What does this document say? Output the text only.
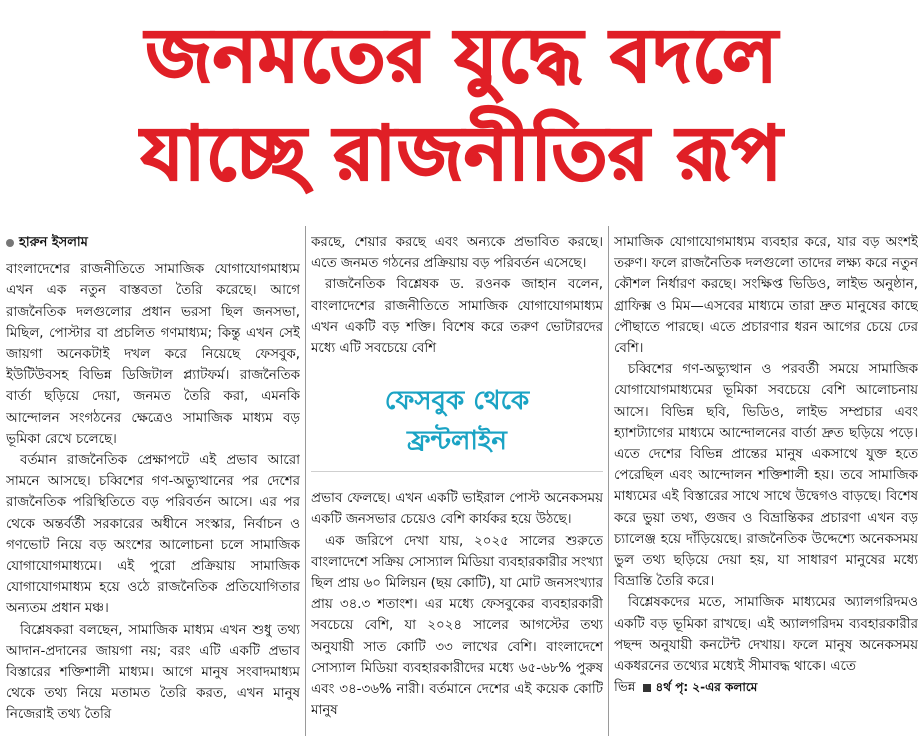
জনমতের যুদ্ধে বদলে
যাচ্ছে রাজনীতির রূপ
হারুন ইসলাম

বাংলাদেশের রাজনীতিতে সামাজিক যোগাযোগমাধ্যম এখন এক নতুন বাস্তবতা তৈরি করেছে। আগে রাজনৈতিক দলগুলোর প্রধান ভরসা ছিল জনসভা, মিছিল, পোস্টার বা প্রচলিত গণমাধ্যম; কিন্তু এখন সেই জায়গা অনেকটাই দখল করে নিয়েছে ফেসবুক, ইউটিউবসহ বিভিন্ন ডিজিটাল প্ল্যাটফর্ম। রাজনৈতিক বার্তা ছড়িয়ে দেয়া, জনমত তৈরি করা, এমনকি আন্দোলন সংগঠনের ক্ষেত্রেও সামাজিক মাধ্যম বড় ভূমিকা রেখে চলেছে।

বর্তমান রাজনৈতিক প্রেক্ষাপটে এই প্রভাব আরো সামনে আসছে। চব্বিশের গণ-অভ্যুত্থানের পর দেশের রাজনৈতিক পরিস্থিতিতে বড় পরিবর্তন আসে। এর পর থেকে অন্তর্বর্তী সরকারের অধীনে সংস্কার, নির্বাচন ও গণভোট নিয়ে বড় অংশের আলোচনা চলে সামাজিক যোগাযোগমাধ্যমে। এই পুরো প্রক্রিয়ায় সামাজিক যোগাযোগমাধ্যম হয়ে ওঠে রাজনৈতিক প্রতিযোগিতার অন্যতম প্রধান মঞ্চ।

বিশ্লেষকরা বলছেন, সামাজিক মাধ্যম এখন শুধু তথ্য আদান-প্রদানের জায়গা নয়; বরং এটি একটি প্রভাব বিস্তারের শক্তিশালী মাধ্যম। আগে মানুষ সংবাদমাধ্যম থেকে তথ্য নিয়ে মতামত তৈরি করত, এখন মানুষ নিজেরাই তথ্য তৈরি

করছে, শেয়ার করছে এবং অন্যকে প্রভাবিত করছে। এতে জনমত গঠনের প্রক্রিয়ায় বড় পরিবর্তন এসেছে।

রাজনৈতিক বিশ্লেষক ড. রওনক জাহান বলেন, বাংলাদেশের রাজনীতিতে সামাজিক যোগাযোগমাধ্যম এখন একটি বড় শক্তি। বিশেষ করে তরুণ ভোটারদের মধ্যে এটি সবচেয়ে বেশি

ফেসবুক থেকে
ফ্রন্টলাইন

প্রভাব ফেলছে। এখন একটি ভাইরাল পোস্ট অনেকসময় একটি জনসভার চেয়েও বেশি কার্যকর হয়ে উঠছে।

এক জরিপে দেখা যায়, ২০২৫ সালের শুরুতে বাংলাদেশে সক্রিয় সোস্যাল মিডিয়া ব্যবহারকারীর সংখ্যা ছিল প্রায় ৬০ মিলিয়ন (ছয় কোটি), যা মোট জনসংখ্যার প্রায় ৩৪.৩ শতাংশ। এর মধ্যে ফেসবুকের ব্যবহারকারী সবচেয়ে বেশি, যা ২০২৪ সালের আগস্টের তথ্য অনুযায়ী সাত কোটি ৩৩ লাখের বেশি। বাংলাদেশে সোস্যাল মিডিয়া ব্যবহারকারীদের মধ্যে ৬৫-৬৮% পুরুষ এবং ৩৪-৩৬% নারী। বর্তমানে দেশের এই কয়েক কোটি মানুষ

সামাজিক যোগাযোগমাধ্যম ব্যবহার করে, যার বড় অংশই তরুণ। ফলে রাজনৈতিক দলগুলো তাদের লক্ষ্য করে নতুন কৌশল নির্ধারণ করছে। সংক্ষিপ্ত ভিডিও, লাইভ অনুষ্ঠান, গ্রাফিক্স ও মিম—এসবের মাধ্যমে তারা দ্রুত মানুষের কাছে পৌছাতে পারছে। এতে প্রচারণার ধরন আগের চেয়ে ঢের বেশি।

চব্বিশের গণ-অভ্যুত্থান ও পরবর্তী সময়ে সামাজিক যোগাযোগমাধ্যমের ভূমিকা সবচেয়ে বেশি আলোচনায় আসে। বিভিন্ন ছবি, ভিডিও, লাইভ সম্প্রচার এবং হ্যাশট্যাগের মাধ্যমে আন্দোলনের বার্তা দ্রুত ছড়িয়ে পড়ে। এতে দেশের বিভিন্ন প্রান্তের মানুষ একসাথে যুক্ত হতে পেরেছিল এবং আন্দোলন শক্তিশালী হয়। তবে সামাজিক মাধ্যমের এই বিস্তারের সাথে সাথে উদ্বেগও বাড়ছে। বিশেষ করে ভুয়া তথ্য, গুজব ও বিভ্রান্তিকর প্রচারণা এখন বড় চ্যালেঞ্জ হয়ে দাঁড়িয়েছে। রাজনৈতিক উদ্দেশ্যে অনেকসময় ভুল তথ্য ছড়িয়ে দেয়া হয়, যা সাধারণ মানুষের মধ্যে বিভ্রান্তি তৈরি করে।

বিশ্লেষকদের মতে, সামাজিক মাধ্যমের অ্যালগরিদমও একটি বড় ভূমিকা রাখছে। এই অ্যালগরিদম ব্যবহারকারীর পছন্দ অনুযায়ী কনটেন্ট দেখায়। ফলে মানুষ অনেকসময় একধরনের তথ্যের মধ্যেই সীমাবদ্ধ থাকে। এতে

ভিন্ন ৪র্থ পৃ: ২-এর কলামে
